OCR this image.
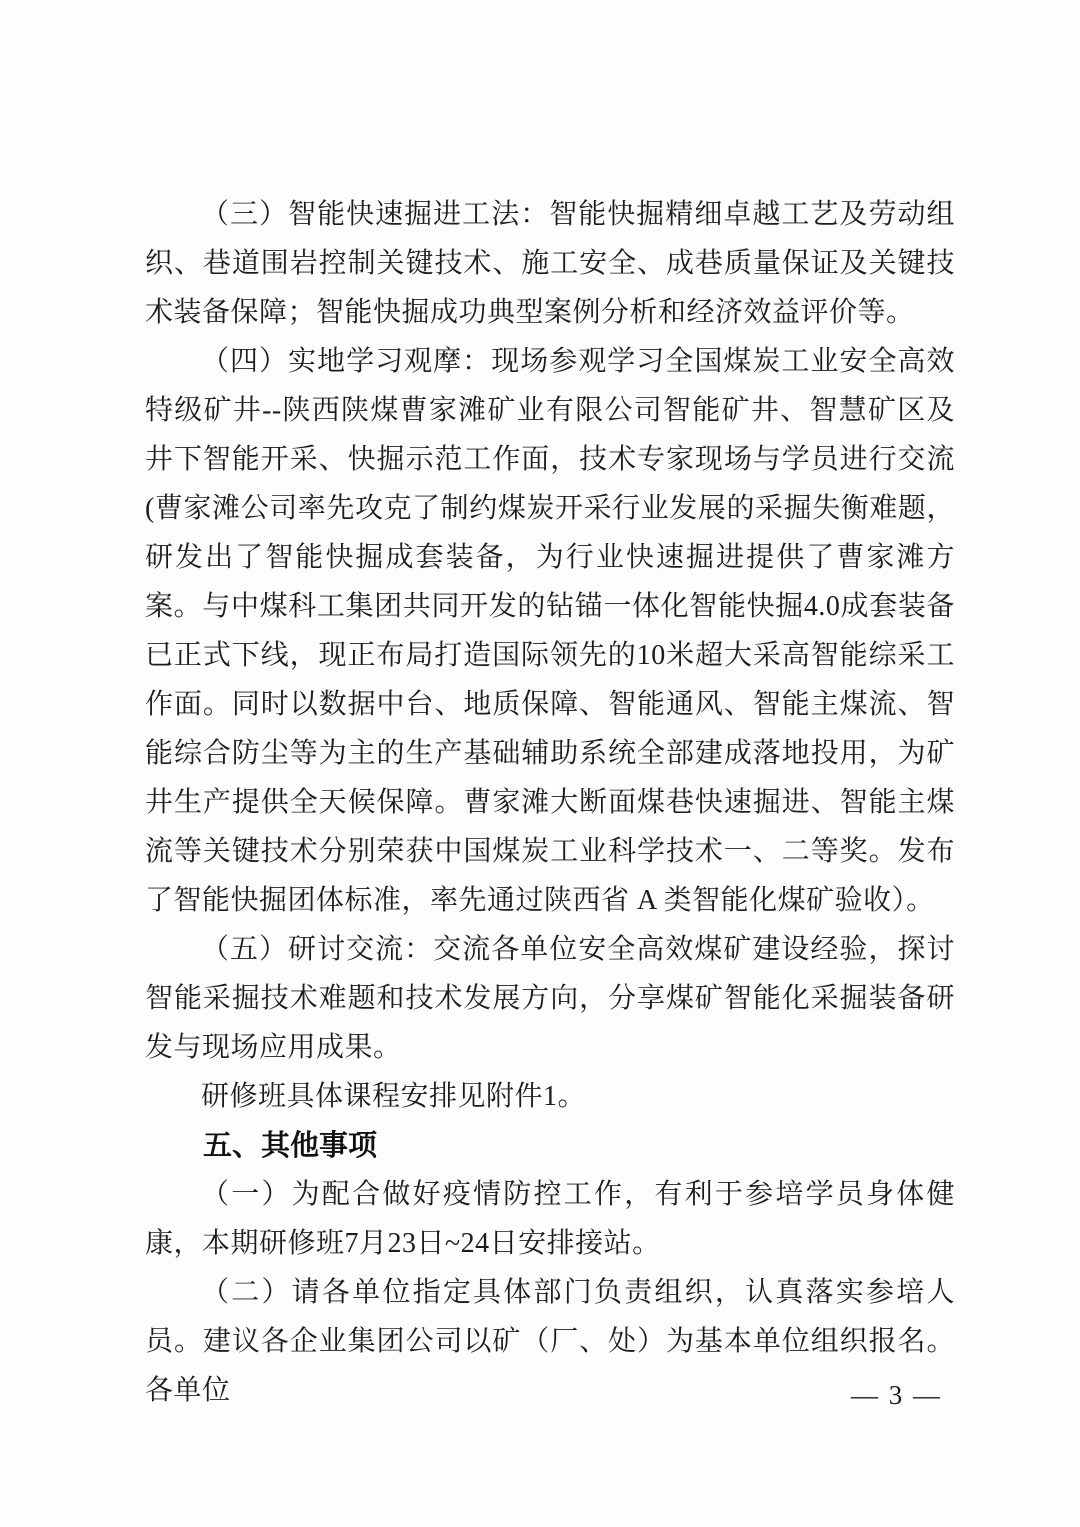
（三）智能快速掘进工法：智能快掘精细卓越工艺及劳动组织、巷道围岩控制关键技术、施工安全、成巷质量保证及关键技术装备保障；智能快掘成功典型案例分析和经济效益评价等。

（四）实地学习观摩：现场参观学习全国煤炭工业安全高效特级矿井--陕西陕煤曹家滩矿业有限公司智能矿井、智慧矿区及井下智能开采、快掘示范工作面，技术专家现场与学员进行交流(曹家滩公司率先攻克了制约煤炭开采行业发展的采掘失衡难题，研发出了智能快掘成套装备，为行业快速掘进提供了曹家滩方案。与中煤科工集团共同开发的钻锚一体化智能快掘4.0成套装备已正式下线，现正布局打造国际领先的10米超大采高智能综采工作面。同时以数据中台、地质保障、智能通风、智能主煤流、智能综合防尘等为主的生产基础辅助系统全部建成落地投用，为矿井生产提供全天候保障。曹家滩大断面煤巷快速掘进、智能主煤流等关键技术分别荣获中国煤炭工业科学技术一、二等奖。发布了智能快掘团体标准，率先通过陕西省 A 类智能化煤矿验收）。

（五）研讨交流：交流各单位安全高效煤矿建设经验，探讨智能采掘技术难题和技术发展方向，分享煤矿智能化采掘装备研发与现场应用成果。

研修班具体课程安排见附件1。

五、其他事项

（一）为配合做好疫情防控工作，有利于参培学员身体健康，本期研修班7月23日~24日安排接站。

（二）请各单位指定具体部门负责组织，认真落实参培人员。建议各企业集团公司以矿（厂、处）为基本单位组织报名。各单位	— 3 —
